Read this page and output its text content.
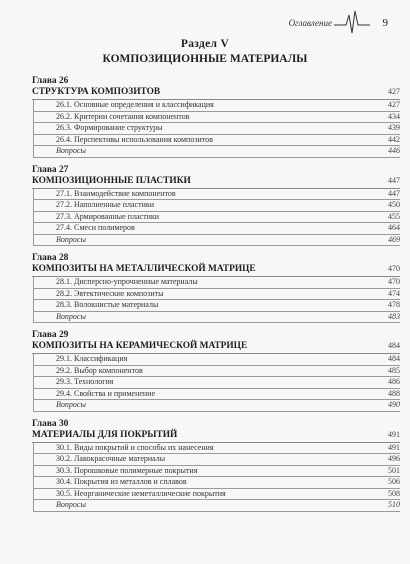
Оглавление	9
Раздел V
КОМПОЗИЦИОННЫЕ МАТЕРИАЛЫ
Глава 26
СТРУКТУРА КОМПОЗИТОВ	427
26.1. Основные определения и классификация	427
26.2. Критерии сочетания компонентов	434
26.3. Формирование структуры	439
26.4. Перспективы использования композитов	442
Вопросы	446
Глава 27
КОМПОЗИЦИОННЫЕ ПЛАСТИКИ	447
27.1. Взаимодействие компонентов	447
27.2. Наполненные пластики	450
27.3. Армированные пластики	455
27.4. Смеси полимеров	464
Вопросы	469
Глава 28
КОМПОЗИТЫ НА МЕТАЛЛИЧЕСКОЙ МАТРИЦЕ	470
28.1. Дисперсно-упрочненные материалы	470
28.2. Эвтектические композиты	474
28.3. Волокнистые материалы	478
Вопросы	483
Глава 29
КОМПОЗИТЫ НА КЕРАМИЧЕСКОЙ МАТРИЦЕ	484
29.1. Классификация	484
29.2. Выбор компонентов	485
29.3. Технология	486
29.4. Свойства и применение	488
Вопросы	490
Глава 30
МАТЕРИАЛЫ ДЛЯ ПОКРЫТИЙ	491
30.1. Виды покрытий и способы их нанесения	491
30.2. Лакокрасочные материалы	496
30.3. Порошковые полимерные покрытия	501
30.4. Покрытия из металлов и сплавов	506
30.5. Неорганические неметаллические покрытия	508
Вопросы	510
